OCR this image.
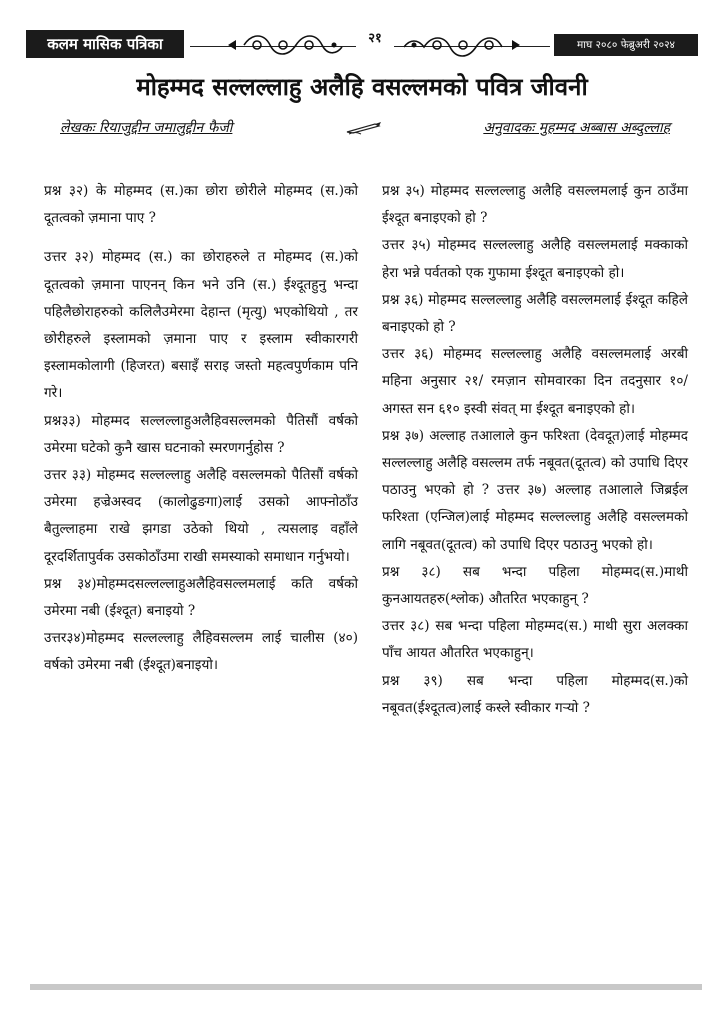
कलम मासिक पत्रिका	२१	माघ २०८० फेब्रुअरी २०२४
मोहम्मद सल्लल्लाहु अलैहि वसल्लमको पवित्र जीवनी
लेखकः रियाजुद्दीन जमालुद्दीन फैजी	अनुवादकः मुहम्मद अब्बास अब्दुल्लाह

प्रश्न ३२) के मोहम्मद (स.)का छोरा छोरीले मोहम्मद (स.)को दूतत्वको ज़माना पाए ?

उत्तर ३२) मोहम्मद (स.) का छोराहरुले त मोहम्मद (स.)को दूतत्वको ज़माना पाएनन् किन भने उनि (स.) ईश्दूतहुनु भन्दा पहिलैछोराहरुको कलिलैउमेरमा देहान्त (मृत्यु) भएकोथियो , तर छोरीहरुले इस्लामको ज़माना पाए र इस्लाम स्वीकारगरी इस्लामकोलागी (हिजरत) बसाइँ सराइ जस्तो महत्वपुर्णकाम पनि गरे।

प्रश्न३३) मोहम्मद सल्लल्लाहुअलैहिवसल्लमको पैतिसौं वर्षको उमेरमा घटेको कुनै खास घटनाको स्मरणगर्नुहोस ?

उत्तर ३३) मोहम्मद सल्लल्लाहु अलैहि वसल्लमको पैतिसौं वर्षको उमेरमा हज्रेअस्वद (कालोढुङगा)लाई उसको आफ्नोठाँउ बैतुल्लाहमा राखे झगडा उठेको थियो , त्यसलाइ वहाँले दूरदर्शितापुर्वक उसकोठाँउमा राखी समस्याको समाधान गर्नुभयो।

प्रश्न ३४)मोहम्मदसल्लल्लाहुअलैहिवसल्लमलाई कति वर्षको उमेरमा नबी (ईश्दूत) बनाइयो ?

उत्तर३४)मोहम्मद सल्लल्लाहु लैहिवसल्लम लाई चालीस (४०) वर्षको उमेरमा नबी (ईश्दूत)बनाइयो।

प्रश्न ३५) मोहम्मद सल्लल्लाहु अलैहि वसल्लमलाई कुन ठाउँमा ईश्दूत बनाइएको हो ?

उत्तर ३५) मोहम्मद सल्लल्लाहु अलैहि वसल्लमलाई मक्काको हेरा भन्ने पर्वतको एक गुफामा ईश्दूत बनाइएको हो।

प्रश्न ३६) मोहम्मद सल्लल्लाहु अलैहि वसल्लमलाई ईश्दूत कहिले बनाइएको हो ?

उत्तर ३६) मोहम्मद सल्लल्लाहु अलैहि वसल्लमलाई अरबी महिना अनुसार २१/ रमज़ान सोमवारका दिन तदनुसार १०/अगस्त सन ६१० इस्वी संवत् मा ईश्दूत बनाइएको हो।

प्रश्न ३७) अल्लाह तआलाले कुन फरिश्ता (देवदूत)लाई मोहम्मद सल्लल्लाहु अलैहि वसल्लम तर्फ नबूवत(दूतत्व) को उपाधि दिएर पठाउनु भएको हो ? उत्तर ३७) अल्लाह तआलाले जिब्रईल फरिश्ता (एन्जिल)लाई मोहम्मद सल्लल्लाहु अलैहि वसल्लमको लागि नबूवत(दूतत्व) को उपाधि दिएर पठाउनु भएको हो।

प्रश्न ३८) सब भन्दा पहिला मोहम्मद(स.)माथी कुनआयतहरु(श्लोक) औतरित भएकाहुन् ?

उत्तर ३८) सब भन्दा पहिला मोहम्मद(स.) माथी सुरा अलक्का पाँच आयत औतरित भएकाहुन्।

प्रश्न ३९) सब भन्दा पहिला मोहम्मद(स.)को नबूवत(ईश्दूतत्व)लाई कस्ले स्वीकार गऱ्यो ?
